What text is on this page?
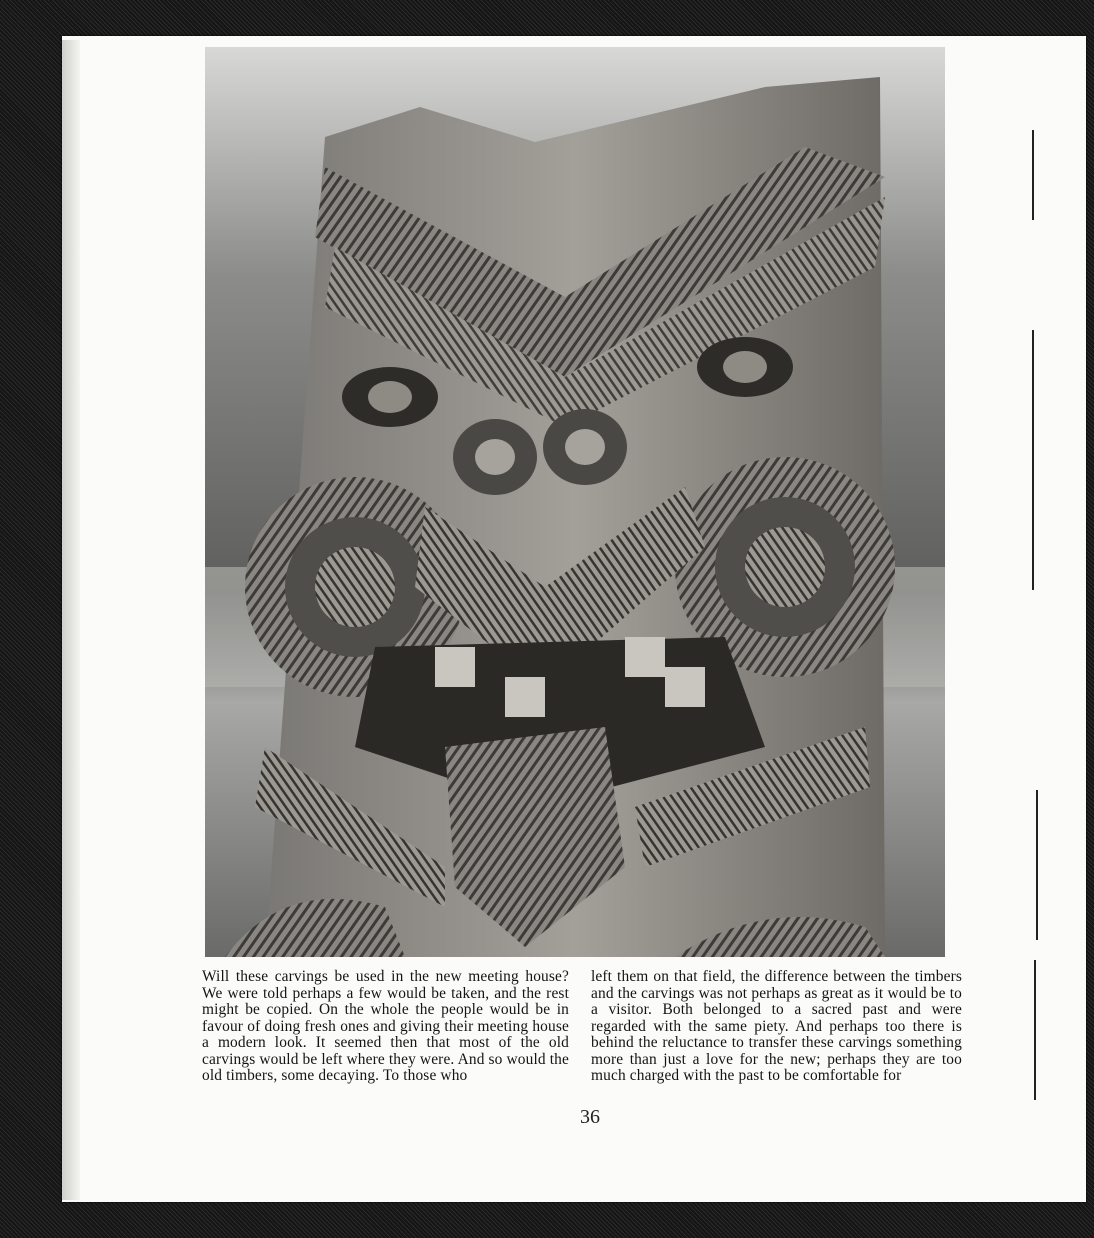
Will these carvings be used in the new meeting house? We were told perhaps a few would be taken, and the rest might be copied. On the whole the people would be in favour of doing fresh ones and giving their meeting house a modern look. It seemed then that most of the old carvings would be left where they were. And so would the old timbers, some decaying. To those who
left them on that field, the difference between the timbers and the carvings was not perhaps as great as it would be to a visitor. Both belonged to a sacred past and were regarded with the same piety. And perhaps too there is behind the reluctance to transfer these carvings something more than just a love for the new; perhaps they are too much charged with the past to be comfortable for
36
